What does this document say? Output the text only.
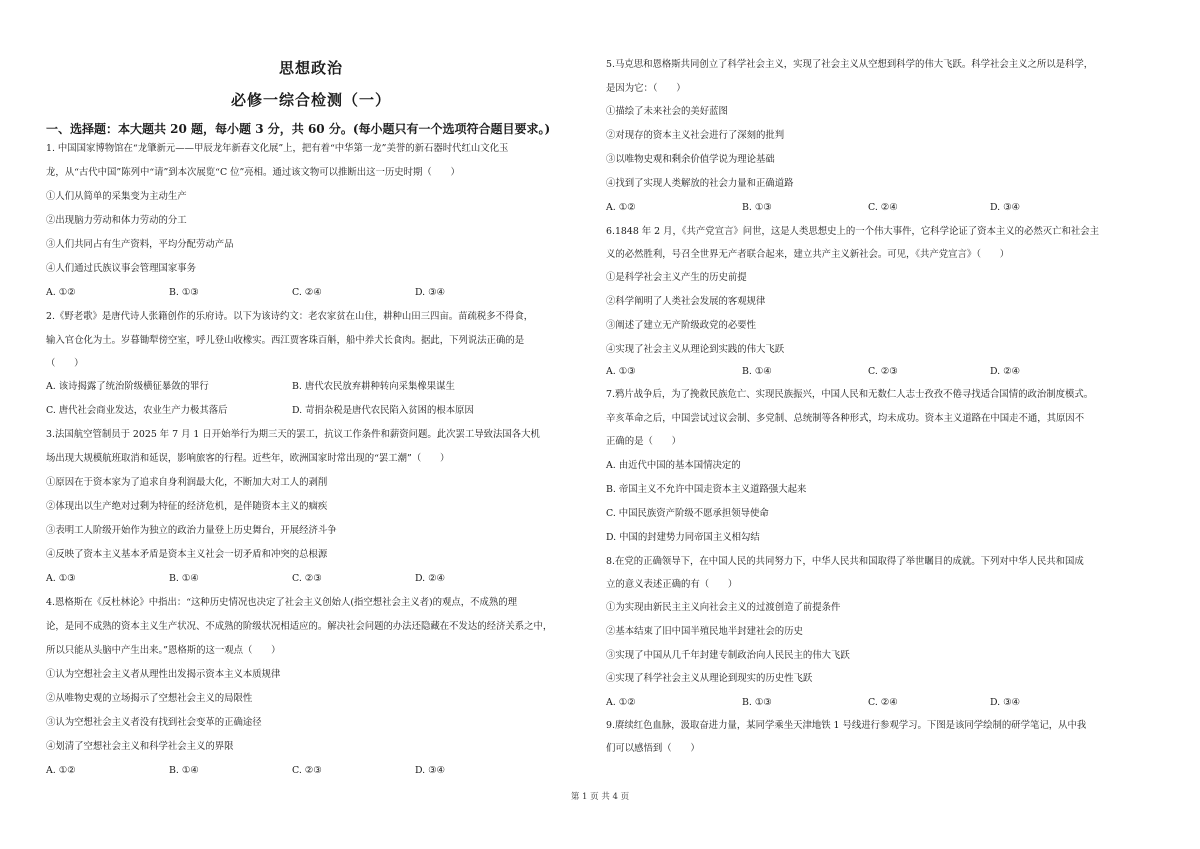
思想政治
必修一综合检测（一）
一、选择题：本大题共 20 题，每小题 3 分，共 60 分。(每小题只有一个选项符合题目要求。)
1. 中国国家博物馆在“龙肇新元——甲辰龙年新春文化展”上，把有着“中华第一龙”美誉的新石器时代红山文化玉
龙，从“古代中国”陈列中“请”到本次展览“C 位”亮相。通过该文物可以推断出这一历史时期（　　）
①人们从简单的采集变为主动生产
②出现脑力劳动和体力劳动的分工
③人们共同占有生产资料，平均分配劳动产品
④人们通过氏族议事会管理国家事务
A. ①②	B. ①③	C. ②④	D. ③④
2.《野老歌》是唐代诗人张籍创作的乐府诗。以下为该诗约文：老农家贫在山住，耕种山田三四亩。苗疏税多不得食，
输入官仓化为土。岁暮锄犁傍空室，呼儿登山收橡实。西江贾客珠百斛，船中养犬长食肉。据此，下列说法正确的是
（　　）
A. 该诗揭露了统治阶级横征暴敛的罪行	B. 唐代农民放弃耕种转向采集橡果谋生
C. 唐代社会商业发达，农业生产力极其落后	D. 苛捐杂税是唐代农民陷入贫困的根本原因
3.法国航空管制员于 2025 年 7 月 1 日开始举行为期三天的罢工，抗议工作条件和薪资问题。此次罢工导致法国各大机
场出现大规模航班取消和延误，影响旅客的行程。近些年，欧洲国家时常出现的“罢工潮”（　　）
①原因在于资本家为了追求自身利润最大化，不断加大对工人的剥削
②体现出以生产绝对过剩为特征的经济危机，是伴随资本主义的痼疾
③表明工人阶级开始作为独立的政治力量登上历史舞台，开展经济斗争
④反映了资本主义基本矛盾是资本主义社会一切矛盾和冲突的总根源
A. ①③	B. ①④	C. ②③	D. ②④
4.恩格斯在《反杜林论》中指出：“这种历史情况也决定了社会主义创始人(指空想社会主义者)的观点，不成熟的理
论，是同不成熟的资本主义生产状况、不成熟的阶级状况相适应的。解决社会问题的办法还隐藏在不发达的经济关系之中，
所以只能从头脑中产生出来。”恩格斯的这一观点（　　）
①认为空想社会主义者从理性出发揭示资本主义本质规律
②从唯物史观的立场揭示了空想社会主义的局限性
③认为空想社会主义者没有找到社会变革的正确途径
④划清了空想社会主义和科学社会主义的界限
A. ①②	B. ①④	C. ②③	D. ③④
5.马克思和恩格斯共同创立了科学社会主义，实现了社会主义从空想到科学的伟大飞跃。科学社会主义之所以是科学，
是因为它：（　　）
①描绘了未来社会的美好蓝图
②对现存的资本主义社会进行了深刻的批判
③以唯物史观和剩余价值学说为理论基础
④找到了实现人类解放的社会力量和正确道路
A. ①②	B. ①③	C. ②④	D. ③④
6.1848 年 2 月，《共产党宣言》问世，这是人类思想史上的一个伟大事件，它科学论证了资本主义的必然灭亡和社会主
义的必然胜利，号召全世界无产者联合起来，建立共产主义新社会。可见，《共产党宣言》（　　）
①是科学社会主义产生的历史前提
②科学阐明了人类社会发展的客观规律
③阐述了建立无产阶级政党的必要性
④实现了社会主义从理论到实践的伟大飞跃
A. ①③	B. ①④	C. ②③	D. ②④
7.鸦片战争后，为了挽救民族危亡、实现民族振兴，中国人民和无数仁人志士孜孜不倦寻找适合国情的政治制度模式。
辛亥革命之后，中国尝试过议会制、多党制、总统制等各种形式，均未成功。资本主义道路在中国走不通，其原因不
正确的是（　　）
A. 由近代中国的基本国情决定的
B. 帝国主义不允许中国走资本主义道路强大起来
C. 中国民族资产阶级不愿承担领导使命
D. 中国的封建势力同帝国主义相勾结
8.在党的正确领导下，在中国人民的共同努力下，中华人民共和国取得了举世瞩目的成就。下列对中华人民共和国成
立的意义表述正确的有（　　）
①为实现由新民主主义向社会主义的过渡创造了前提条件
②基本结束了旧中国半殖民地半封建社会的历史
③实现了中国从几千年封建专制政治向人民民主的伟大飞跃
④实现了科学社会主义从理论到现实的历史性飞跃
A. ①②	B. ①③	C. ②④	D. ③④
9.赓续红色血脉，汲取奋进力量，某同学乘坐天津地铁 1 号线进行参观学习。下图是该同学绘制的研学笔记，从中我
们可以感悟到（　　）
第 1 页 共 4 页
